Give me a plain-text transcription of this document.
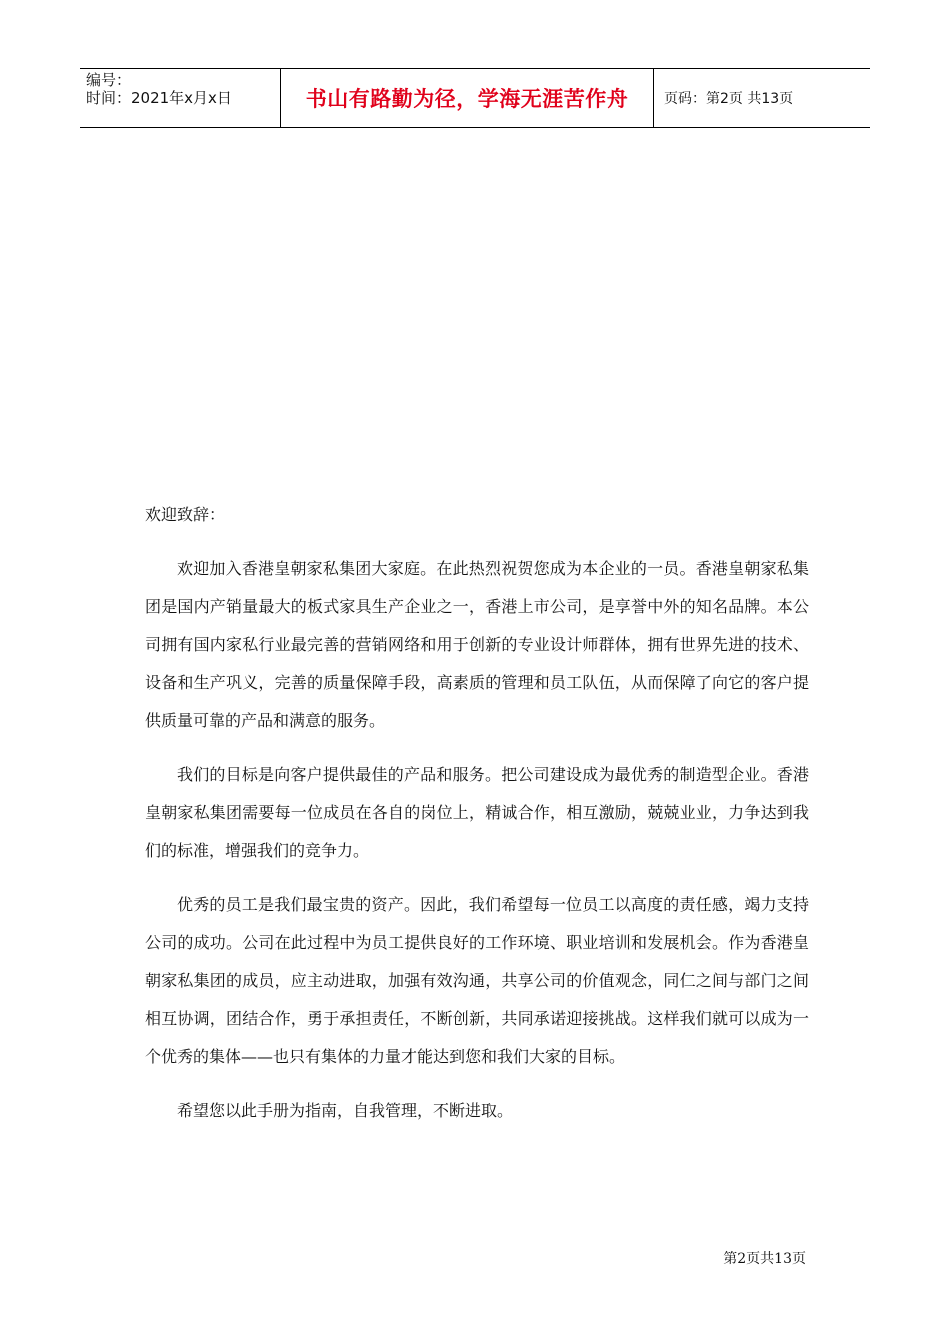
编号：
时间：2021年x月x日	书山有路勤为径，学海无涯苦作舟	页码：第2页 共13页

欢迎致辞：

欢迎加入香港皇朝家私集团大家庭。在此热烈祝贺您成为本企业的一员。香港皇朝家私集团是国内产销量最大的板式家具生产企业之一，香港上市公司，是享誉中外的知名品牌。本公司拥有国内家私行业最完善的营销网络和用于创新的专业设计师群体，拥有世界先进的技术、设备和生产巩义，完善的质量保障手段，高素质的管理和员工队伍，从而保障了向它的客户提供质量可靠的产品和满意的服务。

我们的目标是向客户提供最佳的产品和服务。把公司建设成为最优秀的制造型企业。香港皇朝家私集团需要每一位成员在各自的岗位上，精诚合作，相互激励，兢兢业业，力争达到我们的标准，增强我们的竞争力。

优秀的员工是我们最宝贵的资产。因此，我们希望每一位员工以高度的责任感，竭力支持公司的成功。公司在此过程中为员工提供良好的工作环境、职业培训和发展机会。作为香港皇朝家私集团的成员，应主动进取，加强有效沟通，共享公司的价值观念，同仁之间与部门之间相互协调，团结合作，勇于承担责任，不断创新，共同承诺迎接挑战。这样我们就可以成为一个优秀的集体——也只有集体的力量才能达到您和我们大家的目标。

希望您以此手册为指南，自我管理，不断进取。

第2页共13页
